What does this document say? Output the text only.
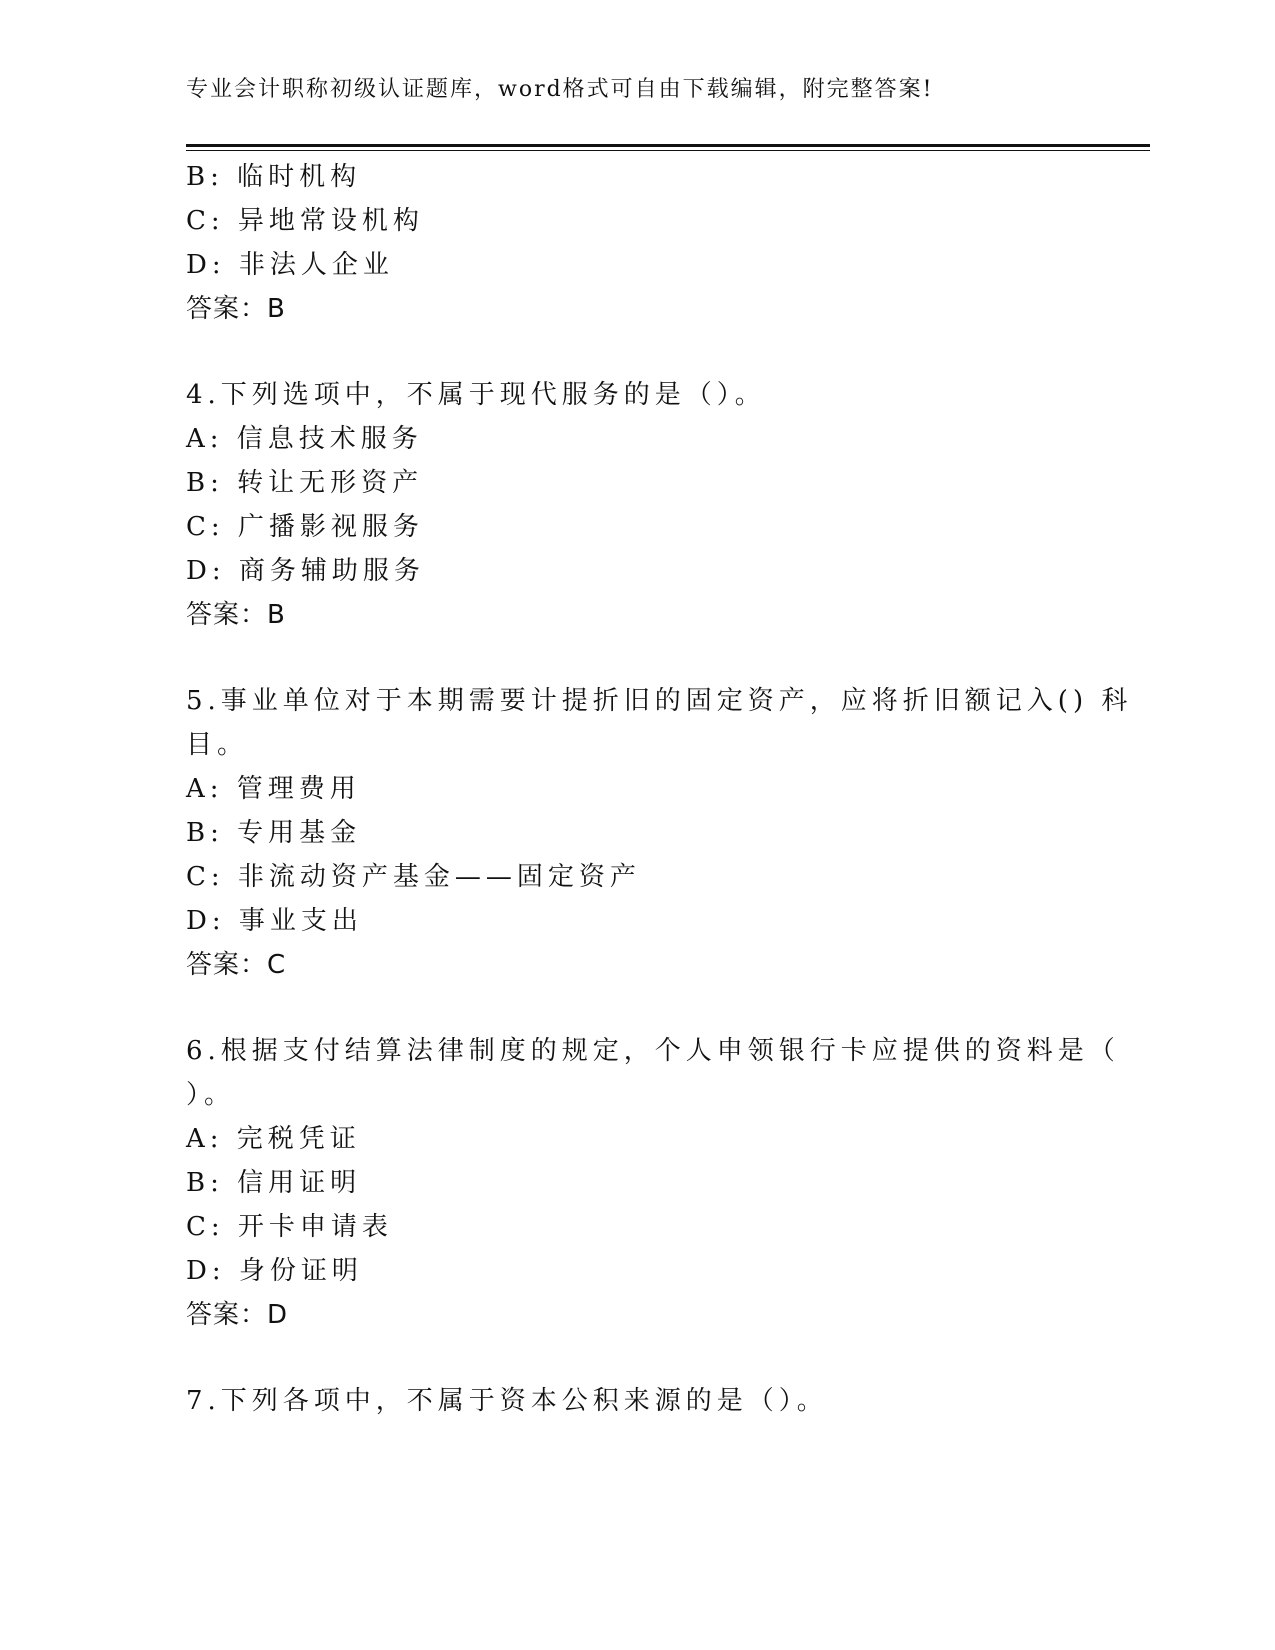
专业会计职称初级认证题库，word格式可自由下载编辑，附完整答案!
B: 临时机构
C: 异地常设机构
D: 非法人企业
答案：B
4.下列选项中，不属于现代服务的是（）。
A: 信息技术服务
B: 转让无形资产
C: 广播影视服务
D: 商务辅助服务
答案：B
5.事业单位对于本期需要计提折旧的固定资产，应将折旧额记入() 科
目。
A: 管理费用
B: 专用基金
C: 非流动资产基金——固定资产
D: 事业支出
答案：C
6.根据支付结算法律制度的规定，个人申领银行卡应提供的资料是（
）。
A: 完税凭证
B: 信用证明
C: 开卡申请表
D: 身份证明
答案：D
7.下列各项中，不属于资本公积来源的是（）。
